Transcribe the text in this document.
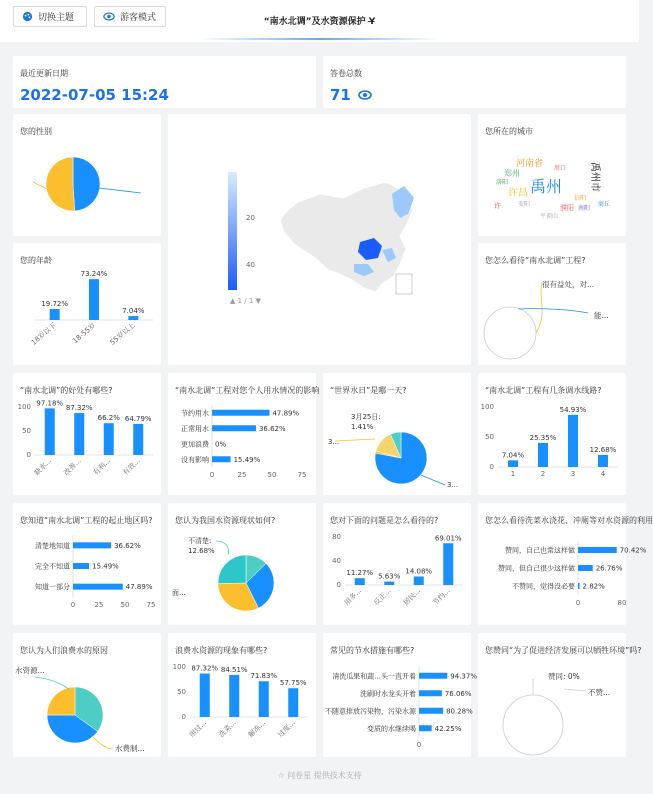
切换主题	游客模式	“南水北调”及水资源保护 Y̶
最近更新日期
2022-07-05 15:24
答卷总数
71
您的性别
您的年龄
19.72%
18岁以下
73.24%
18-55岁
7.04%
55岁以上
20
40
▲ 1 / 1 ▼
您所在的城市
河南省
郑州
禹州	禹州市
许昌
许	安阳	濮阳 南阳
平顶山
洛阳
信阳
商丘
周口
您怎么看待“南水北调”工程?
很有益处，对...
能...
“南水北调”的好处有哪些?
100
50
0
97.18%
缺水...
87.32%
改善...
66.2%
有利...
64.79%
有效...
“南水北调”工程对您个人用水情况的影响
节约用水	47.89%
正常用水	36.62%
更加浪费 0%
没有影响	15.49%
0	25	50	75
“世界水日”是哪一天?
3月25日:
1.41%
3...
3...
“南水北调”工程有几条调水线路?
100
50
0
7.04%
1
25.35%
2
54.93%
3
12.68%
4
您知道“南水北调”工程的起止地区吗?
清楚地知道	36.62%
完全不知道	15.49%
知道一部分	47.89%
0	25 50 75
您认为我国水资源现状如何?
不清楚:
12.68%
面...
您对下面的问题是怎么看待的?
80
40
0
11.27%
用多...
5.63%
反正...
14.08%
居民...
69.01%
节约...
您怎么看待洗菜水浇花、冲厕等对水资源的利用
赞同，自己也常这样做	70.42%
赞同，但自己很少这样做	26.76%
不赞同，觉得没必要 2.82%
0	80
您认为人们浪费水的原因
水资源...
水费制...
浪费水资源的现象有哪些?
100
50
0
87.32%
用过...
84.51%
洗菜...
71.83%
解冻...
57.75%
过度...
常见的节水措施有哪些?
清洗瓜果和蔬...头一直开着	94.37%
洗刷时水龙头开着	76.06%
不随意排放污染物，污染水源	80.28%
变质的水继续喝	42.25%
0
您赞同“为了促进经济发展可以牺牲环境”吗?
赞同: 0%
不赞...
☆ 问卷星 提供技术支持
